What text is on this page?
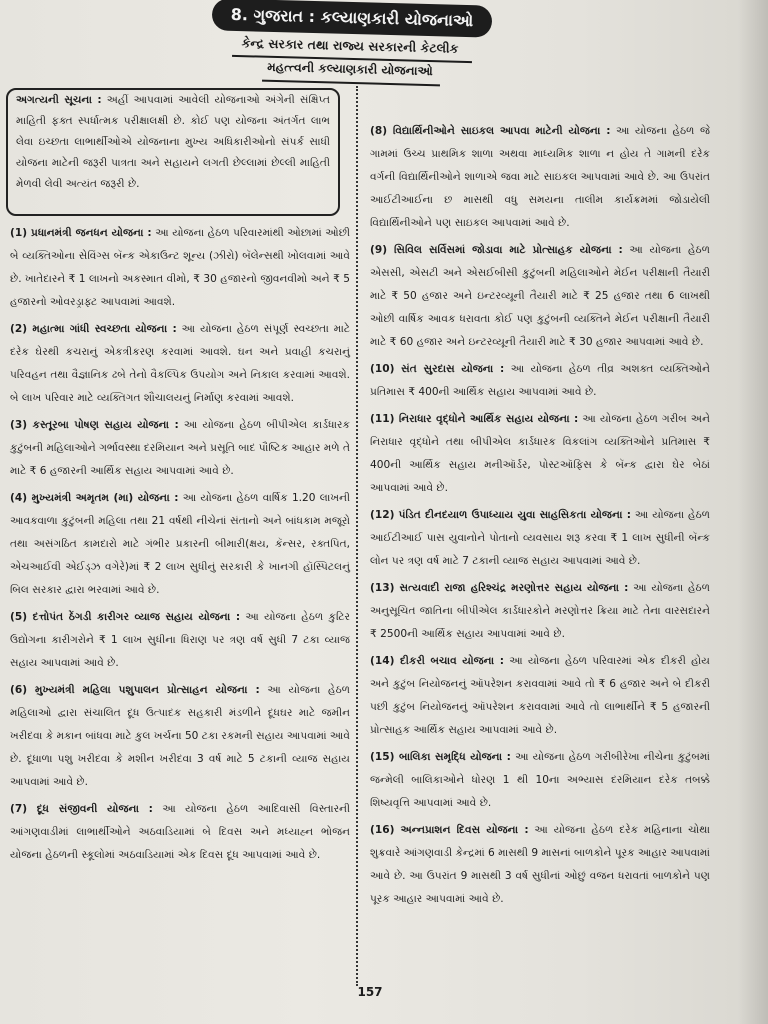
8. ગુજરાત : કલ્યાણકારી યોજનાઓ
કેન્દ્ર સરકાર તથા રાજ્ય સરકારની કેટલીક
મહત્ત્વની કલ્યાણકારી યોજનાઓ
અગત્યની સૂચના : અહીં આપવામાં આવેલી યોજનાઓ અંગેની સંક્ષિપ્ત માહિતી ફક્ત સ્પર્ધાત્મક પરીક્ષાલક્ષી છે. કોઈ પણ યોજના અંતર્ગત લાભ લેવા ઇચ્છતા લાભાર્થીઓએ યોજનાના મુખ્ય અધિકારીઓનો સંપર્ક સાધી યોજના માટેની જરૂરી પાત્રતા અને સહાયને લગતી છેલ્લામાં છેલ્લી માહિતી મેળવી લેવી અત્યંત જરૂરી છે.
(1) પ્રધાનમંત્રી જનધન યોજના : આ યોજના હેઠળ પરિવારમાંથી ઓછામાં ઓછી બે વ્યક્તિઓના સેવિંગ્સ બૅન્ક એકાઉન્ટ શૂન્ય (ઝીરો) બૅલેન્સથી ખોલવામાં આવે છે. ખાતેદારને ₹ 1 લાખનો અકસ્માત વીમો, ₹ 30 હજારનો જીવનવીમો અને ₹ 5 હજારનો ઓવરડ્રાફ્ટ આપવામાં આવશે.
(2) મહાત્મા ગાંધી સ્વચ્છતા યોજના : આ યોજના હેઠળ સંપૂર્ણ સ્વચ્છતા માટે દરેક ઘેરથી કચરાનું એકત્રીકરણ કરવામાં આવશે. ઘન અને પ્રવાહી કચરાનું પરિવહન તથા વૈજ્ઞાનિક ઢબે તેનો વૈકલ્પિક ઉપયોગ અને નિકાલ કરવામાં આવશે. બે લાખ પરિવાર માટે વ્યક્તિગત શૌચાલયનું નિર્માણ કરવામાં આવશે.
(3) કસ્તૂરબા પોષણ સહાય યોજના : આ યોજના હેઠળ બીપીએલ કાર્ડધારક કુટુંબની મહિલાઓને ગર્ભાવસ્થા દરમિયાન અને પ્રસૂતિ બાદ પૌષ્ટિક આહાર મળે તે માટે ₹ 6 હજારની આર્થિક સહાય આપવામાં આવે છે.
(4) મુખ્યમંત્રી અમૃતમ (મા) યોજના : આ યોજના હેઠળ વાર્ષિક 1.20 લાખની આવકવાળા કુટુંબની મહિલા તથા 21 વર્ષથી નીચેનાં સંતાનો અને બાંધકામ મજૂરો તથા અસંગઠિત કામદારો માટે ગંભીર પ્રકારની બીમારી(ક્ષય, કૅન્સર, રક્તપિત, એચઆઈવી એઈડ્ઝ વગેરે)માં ₹ 2 લાખ સુધીનું સરકારી કે ખાનગી હૉસ્પિટલનું બિલ સરકાર દ્વારા ભરવામાં આવે છે.
(5) દત્તોપંત ઠેંગડી કારીગર વ્યાજ સહાય યોજના : આ યોજના હેઠળ કુટિર ઉદ્યોગના કારીગરોને ₹ 1 લાખ સુધીના ધિરાણ પર ત્રણ વર્ષ સુધી 7 ટકા વ્યાજ સહાય આપવામાં આવે છે.
(6) મુખ્યમંત્રી મહિલા પશુપાલન પ્રોત્સાહન યોજના : આ યોજના હેઠળ મહિલાઓ દ્વારા સંચાલિત દૂધ ઉત્પાદક સહકારી મંડળીને દૂધઘર માટે જમીન ખરીદવા કે મકાન બાંધવા માટે કુલ ખર્ચના 50 ટકા રકમની સહાય આપવામાં આવે છે. દૂધાળા પશુ ખરીદવા કે મશીન ખરીદવા 3 વર્ષ માટે 5 ટકાની વ્યાજ સહાય આપવામાં આવે છે.
(7) દૂધ સંજીવની યોજના : આ યોજના હેઠળ આદિવાસી વિસ્તારની આંગણવાડીમાં લાભાર્થીઓને અઠવાડિયામાં બે દિવસ અને મધ્યાહ્ન ભોજન યોજના હેઠળની સ્કૂલોમાં અઠવાડિયામાં એક દિવસ દૂધ આપવામાં આવે છે.
(8) વિદ્યાર્થિનીઓને સાઇકલ આપવા માટેની યોજના : આ યોજના હેઠળ જે ગામમાં ઉચ્ચ પ્રાથમિક શાળા અથવા માધ્યમિક શાળા ન હોય તે ગામની દરેક વર્ગની વિદ્યાર્થિનીઓને શાળાએ જવા માટે સાઇકલ આપવામાં આવે છે. આ ઉપરાંત આઈટીઆઈના છ માસથી વધુ સમયના તાલીમ કાર્યક્રમમાં જોડાયેલી વિદ્યાર્થિનીઓને પણ સાઇકલ આપવામાં આવે છે.
(9) સિવિલ સર્વિસમાં જોડાવા માટે પ્રોત્સાહક યોજના : આ યોજના હેઠળ એસસી, એસટી અને એસઈબીસી કુટુંબની મહિલાઓને મેઈન પરીક્ષાની તૈયારી માટે ₹ 50 હજાર અને ઇન્ટરવ્યૂની તૈયારી માટે ₹ 25 હજાર તથા 6 લાખથી ઓછી વાર્ષિક આવક ધરાવતા કોઈ પણ કુટુંબની વ્યક્તિને મેઈન પરીક્ષાની તૈયારી માટે ₹ 60 હજાર અને ઇન્ટરવ્યૂની તૈયારી માટે ₹ 30 હજાર આપવામાં આવે છે.
(10) સંત સુરદાસ યોજના : આ યોજના હેઠળ તીવ્ર અશક્ત વ્યક્તિઓને પ્રતિમાસ ₹ 400ની આર્થિક સહાય આપવામાં આવે છે.
(11) નિરાધાર વૃદ્ધોને આર્થિક સહાય યોજના : આ યોજના હેઠળ ગરીબ અને નિરાધાર વૃદ્ધોને તથા બીપીએલ કાર્ડધારક વિકલાંગ વ્યક્તિઓને પ્રતિમાસ ₹ 400ની આર્થિક સહાય મનીઑર્ડર, પોસ્ટઑફિસ કે બૅન્ક દ્વારા ઘેર બેઠાં આપવામાં આવે છે.
(12) પંડિત દીનદયાળ ઉપાધ્યાય યુવા સાહસિકતા યોજના : આ યોજના હેઠળ આઈટીઆઈ પાસ યુવાનોને પોતાનો વ્યવસાય શરૂ કરવા ₹ 1 લાખ સુધીની બૅન્ક લોન પર ત્રણ વર્ષ માટે 7 ટકાની વ્યાજ સહાય આપવામાં આવે છે.
(13) સત્યવાદી રાજા હરિશ્ચંદ્ર મરણોત્તર સહાય યોજના : આ યોજના હેઠળ અનુસૂચિત જાતિના બીપીએલ કાર્ડધારકોને મરણોત્તર ક્રિયા માટે તેના વારસદારને ₹ 2500ની આર્થિક સહાય આપવામાં આવે છે.
(14) દીકરી બચાવ યોજના : આ યોજના હેઠળ પરિવારમાં એક દીકરી હોય અને કુટુંબ નિયોજનનું ઑપરેશન કરાવવામાં આવે તો ₹ 6 હજાર અને બે દીકરી પછી કુટુંબ નિયોજનનું ઑપરેશન કરાવવામાં આવે તો લાભાર્થીને ₹ 5 હજારની પ્રોત્સાહક આર્થિક સહાય આપવામાં આવે છે.
(15) બાલિકા સમૃદ્ધિ યોજના : આ યોજના હેઠળ ગરીબીરેખા નીચેના કુટુંબમાં જન્મેલી બાલિકાઓને ધોરણ 1 થી 10ના અભ્યાસ દરમિયાન દરેક તબક્કે શિષ્યવૃત્તિ આપવામાં આવે છે.
(16) અન્નપ્રાશન દિવસ યોજના : આ યોજના હેઠળ દરેક મહિનાના ચોથા શુક્રવારે આંગણવાડી કેન્દ્રમાં 6 માસથી 9 માસનાં બાળકોને પૂરક આહાર આપવામાં આવે છે. આ ઉપરાંત 9 માસથી 3 વર્ષ સુધીનાં ઓછું વજન ધરાવતાં બાળકોને પણ પૂરક આહાર આપવામાં આવે છે.
157
